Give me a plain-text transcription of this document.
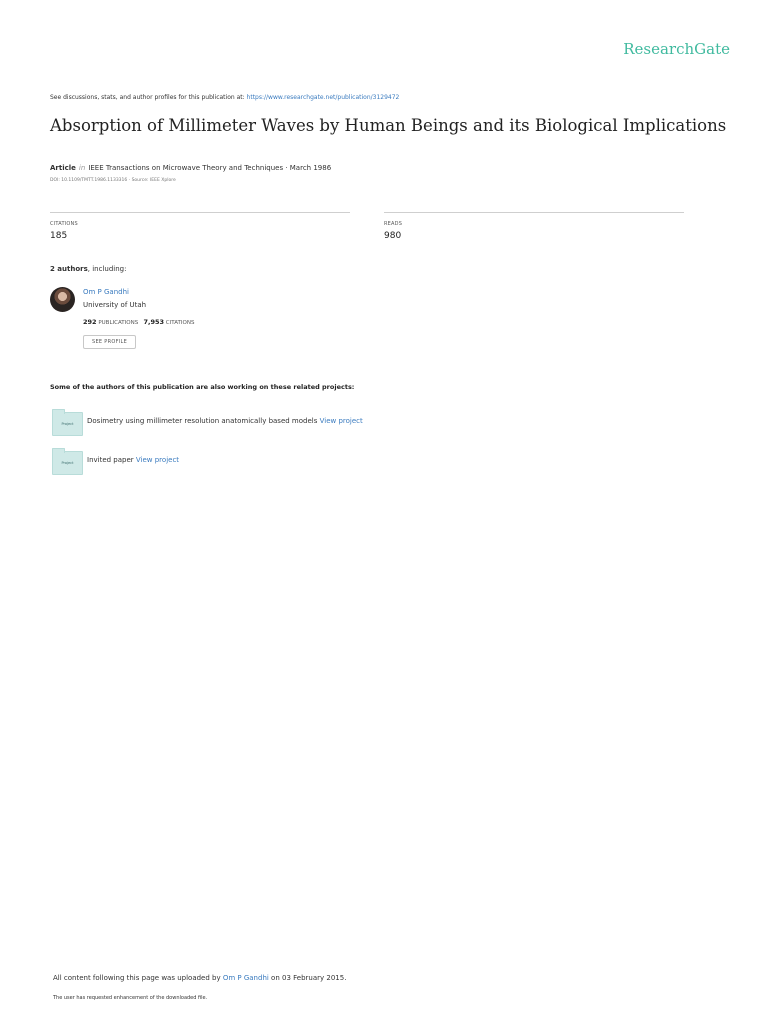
ResearchGate
See discussions, stats, and author profiles for this publication at: https://www.researchgate.net/publication/3129472
Absorption of Millimeter Waves by Human Beings and its Biological Implications
Article in IEEE Transactions on Microwave Theory and Techniques · March 1986
DOI: 10.1109/TMTT.1986.1133316 · Source: IEEE Xplore
CITATIONS
185
READS
980
2 authors, including:
Om P Gandhi
University of Utah
292 PUBLICATIONS 7,953 CITATIONS
SEE PROFILE
Some of the authors of this publication are also working on these related projects:
Project	Dosimetry using millimeter resolution anatomically based models View project
Project	Invited paper View project
All content following this page was uploaded by Om P Gandhi on 03 February 2015.
The user has requested enhancement of the downloaded file.
